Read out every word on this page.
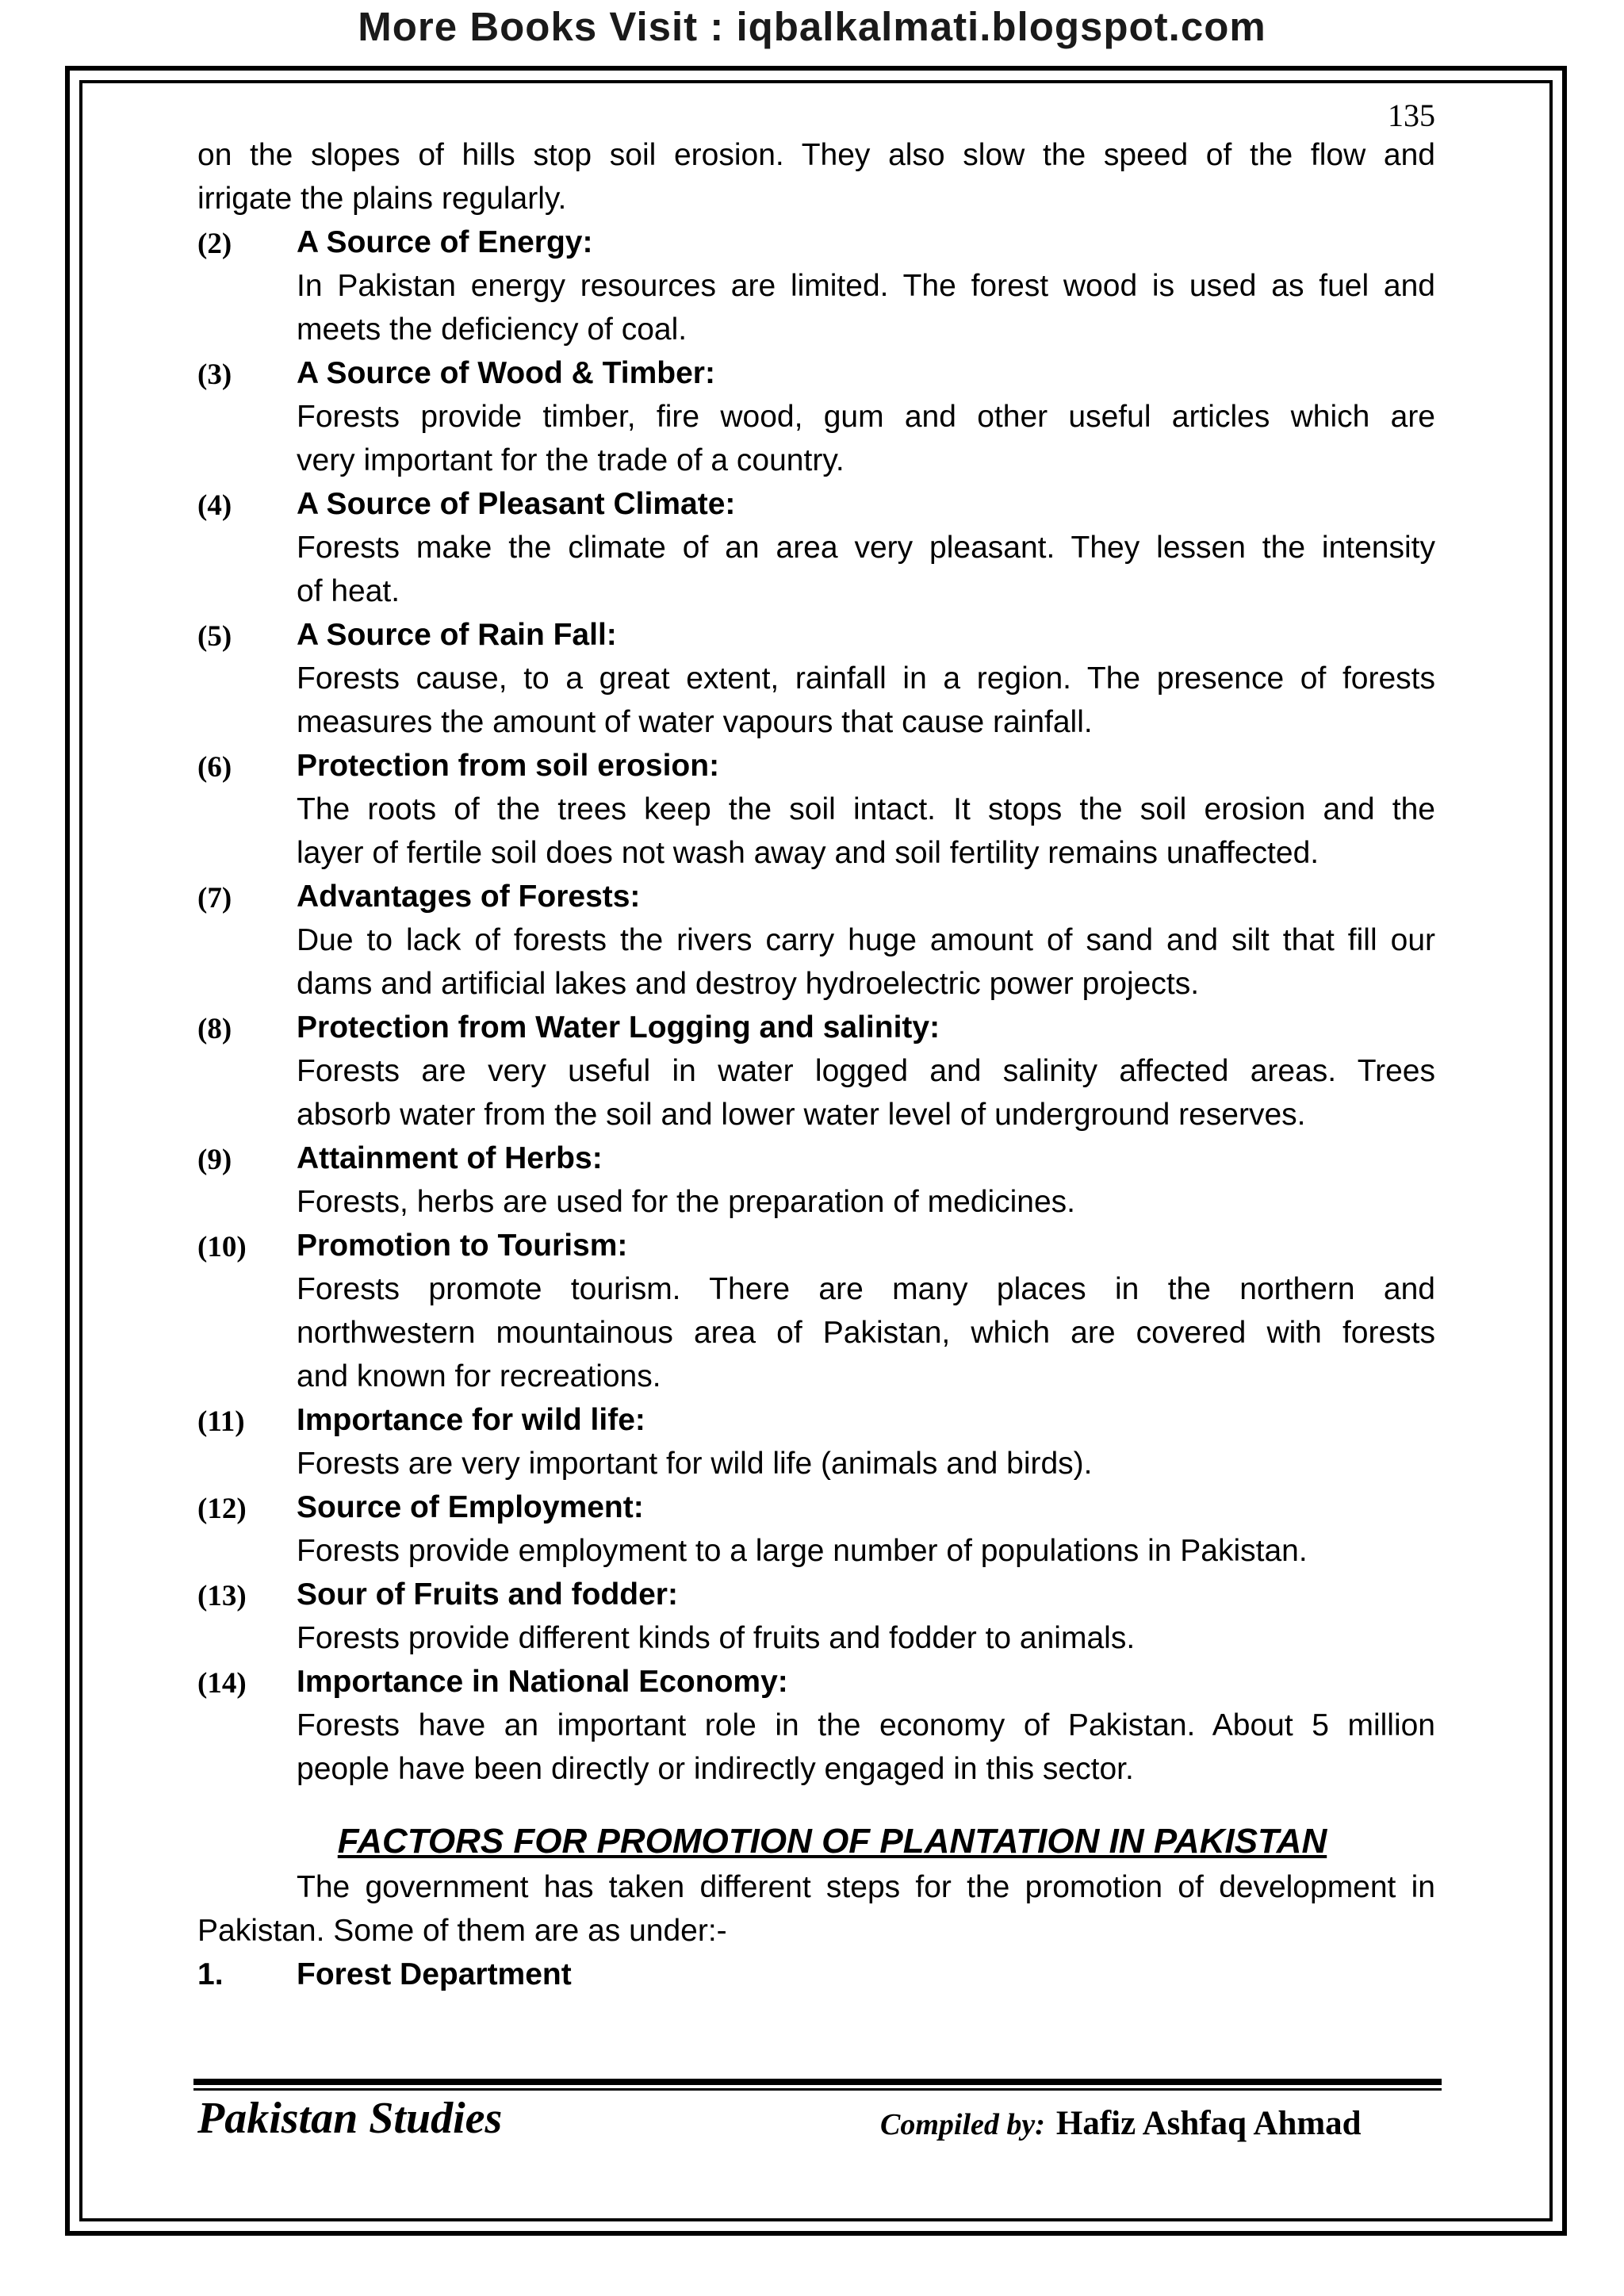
More Books Visit : iqbalkalmati.blogspot.com
135
on the slopes of hills stop soil erosion. They also slow the speed of the flow and
irrigate the plains regularly.
(2) A Source of Energy:
In Pakistan energy resources are limited. The forest wood is used as fuel and
meets the deficiency of coal.
(3) A Source of Wood & Timber:
Forests provide timber, fire wood, gum and other useful articles which are
very important for the trade of a country.
(4) A Source of Pleasant Climate:
Forests make the climate of an area very pleasant. They lessen the intensity
of heat.
(5) A Source of Rain Fall:
Forests cause, to a great extent, rainfall in a region. The presence of forests
measures the amount of water vapours that cause rainfall.
(6) Protection from soil erosion:
The roots of the trees keep the soil intact. It stops the soil erosion and the
layer of fertile soil does not wash away and soil fertility remains unaffected.
(7) Advantages of Forests:
Due to lack of forests the rivers carry huge amount of sand and silt that fill our
dams and artificial lakes and destroy hydroelectric power projects.
(8) Protection from Water Logging and salinity:
Forests are very useful in water logged and salinity affected areas. Trees
absorb water from the soil and lower water level of underground reserves.
(9) Attainment of Herbs:
Forests, herbs are used for the preparation of medicines.
(10) Promotion to Tourism:
Forests promote tourism. There are many places in the northern and
northwestern mountainous area of Pakistan, which are covered with forests
and known for recreations.
(11) Importance for wild life:
Forests are very important for wild life (animals and birds).
(12) Source of Employment:
Forests provide employment to a large number of populations in Pakistan.
(13) Sour of Fruits and fodder:
Forests provide different kinds of fruits and fodder to animals.
(14) Importance in National Economy:
Forests have an important role in the economy of Pakistan. About 5 million
people have been directly or indirectly engaged in this sector.
FACTORS FOR PROMOTION OF PLANTATION IN PAKISTAN
The government has taken different steps for the promotion of development in
Pakistan. Some of them are as under:-
1. Forest Department
Pakistan Studies	Compiled by: Hafiz Ashfaq Ahmad
